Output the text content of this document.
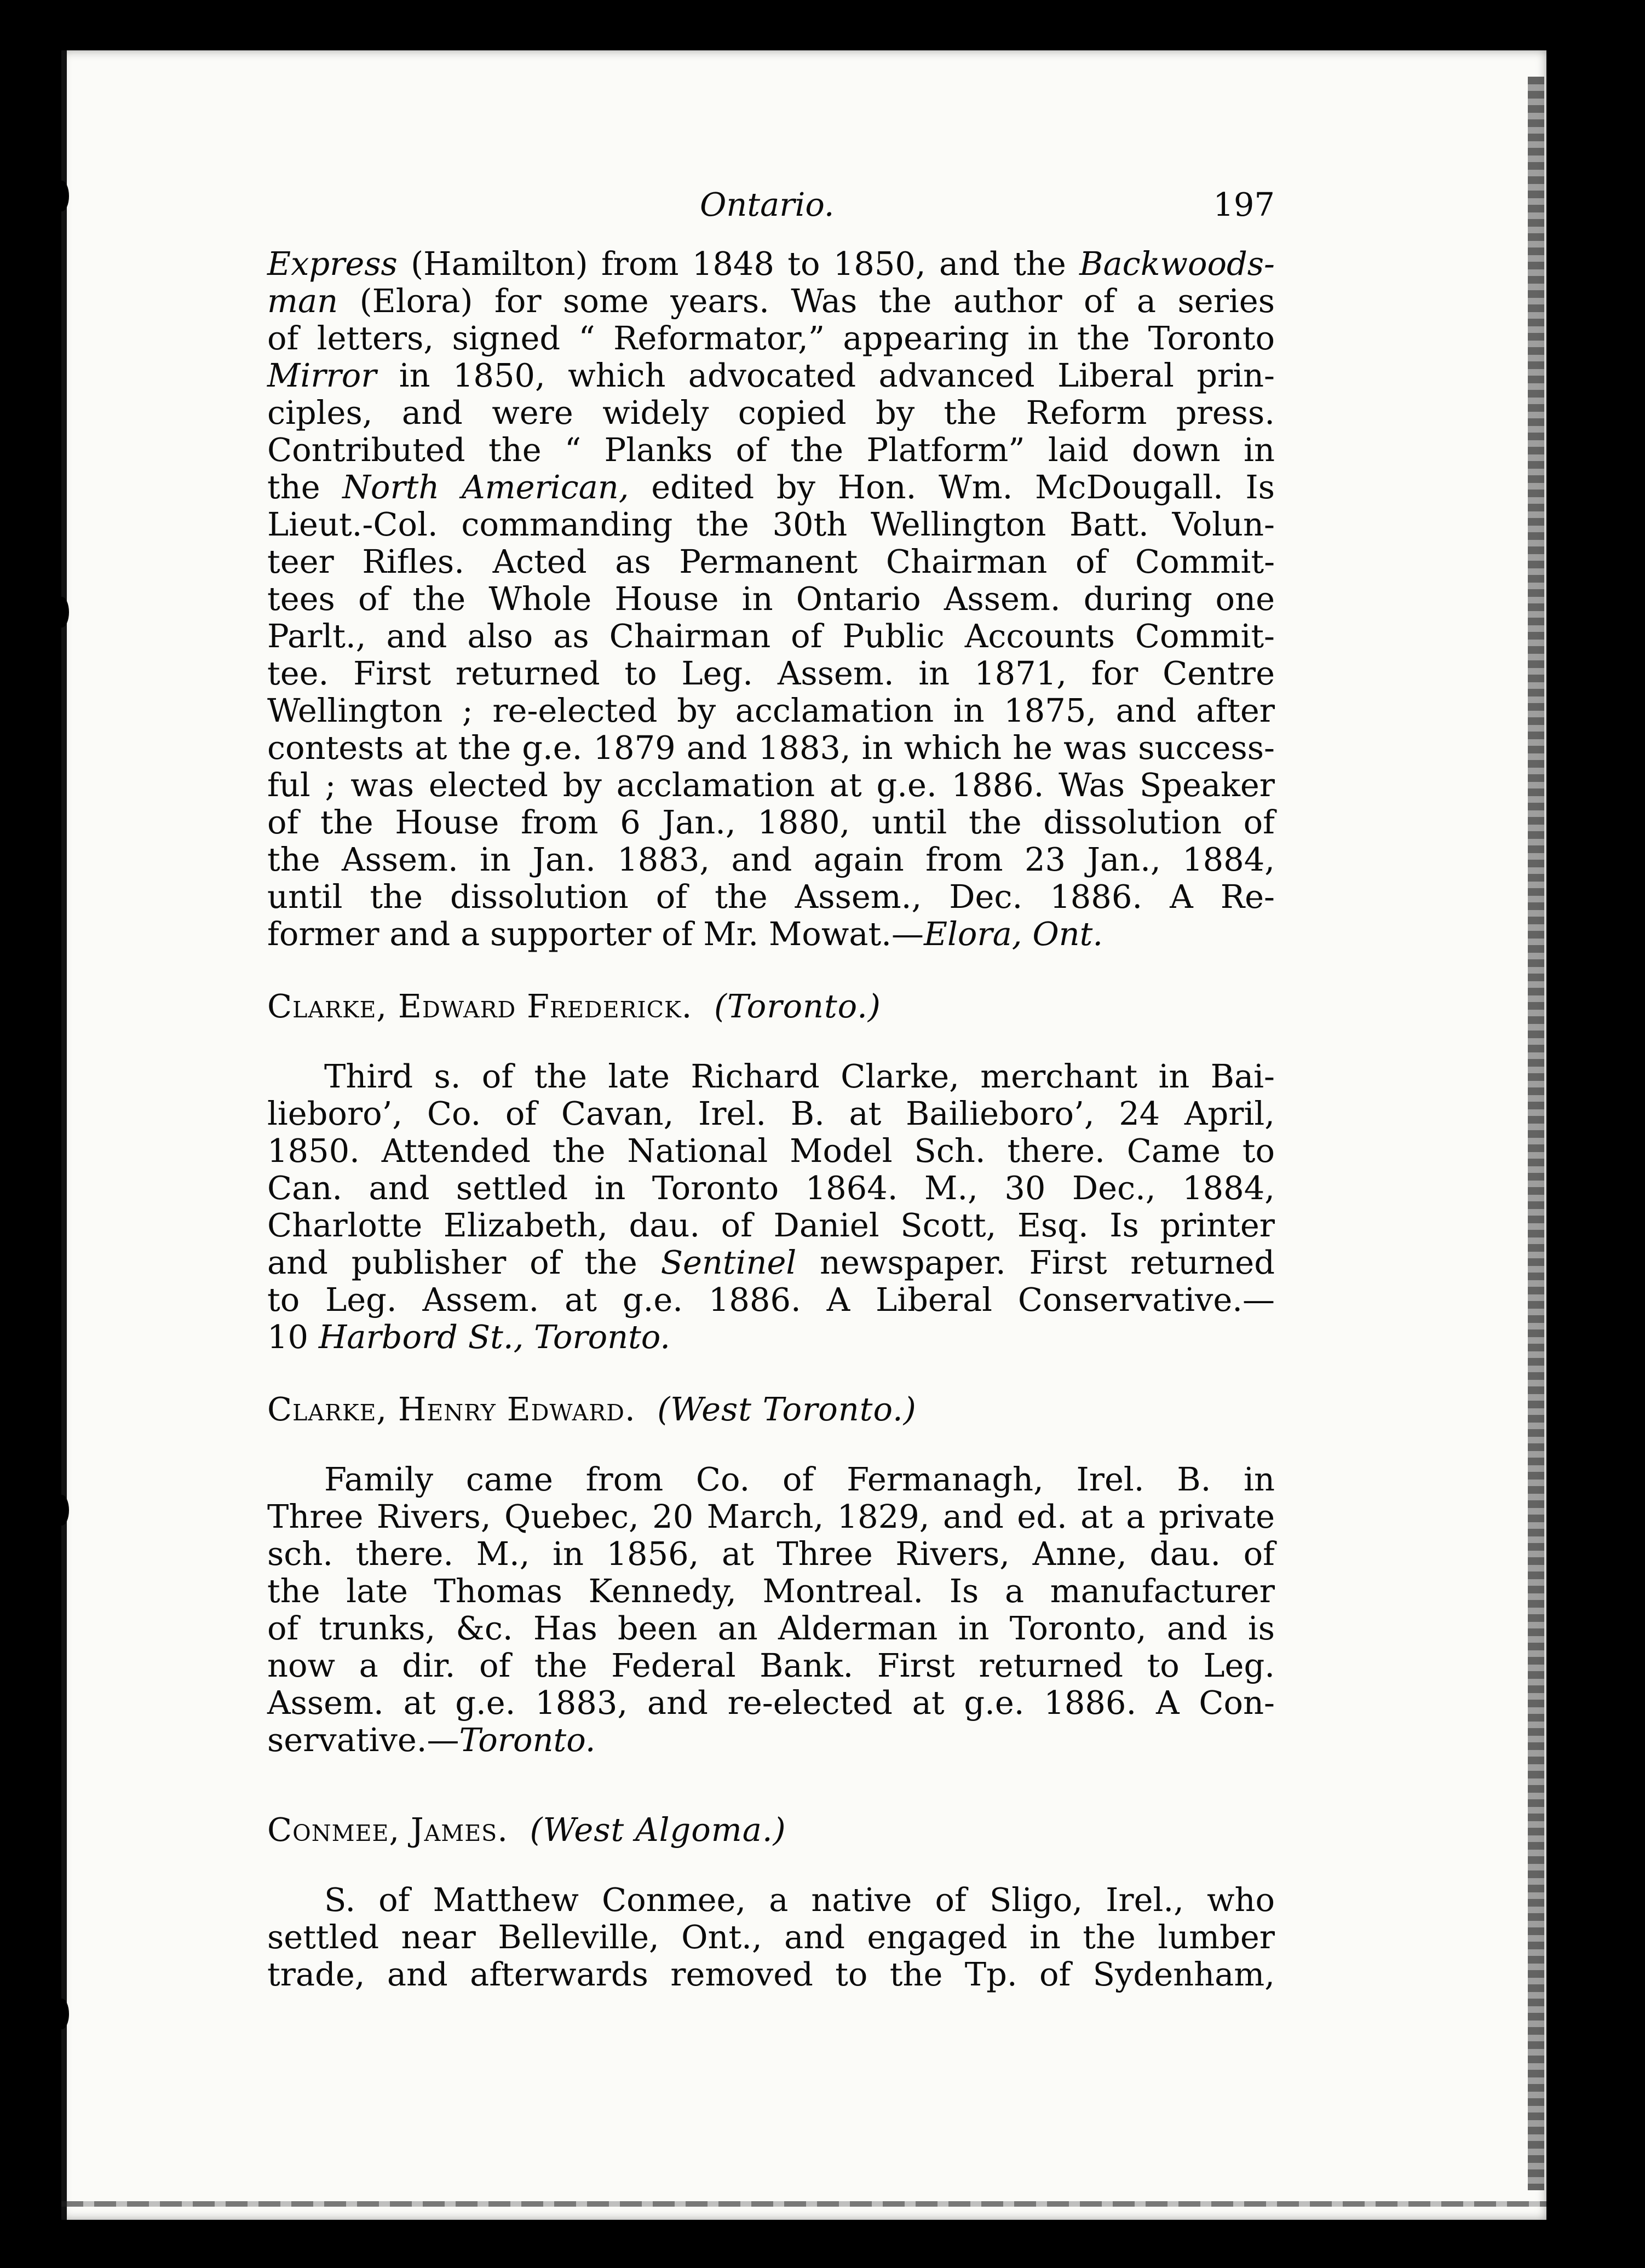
Ontario.	197
Express (Hamilton) from 1848 to 1850, and the Backwoods-
man (Elora) for some years. Was the author of a series
of letters, signed “ Reformator,” appearing in the Toronto
Mirror in 1850, which advocated advanced Liberal prin-
ciples, and were widely copied by the Reform press.
Contributed the “ Planks of the Platform” laid down in
the North American, edited by Hon. Wm. McDougall. Is
Lieut.-Col. commanding the 30th Wellington Batt. Volun-
teer Rifles. Acted as Permanent Chairman of Commit-
tees of the Whole House in Ontario Assem. during one
Parlt., and also as Chairman of Public Accounts Commit-
tee. First returned to Leg. Assem. in 1871, for Centre
Wellington ; re-elected by acclamation in 1875, and after
contests at the g.e. 1879 and 1883, in which he was success-
ful ; was elected by acclamation at g.e. 1886. Was Speaker
of the House from 6 Jan., 1880, until the dissolution of
the Assem. in Jan. 1883, and again from 23 Jan., 1884,
until the dissolution of the Assem., Dec. 1886. A Re-
former and a supporter of Mr. Mowat.—Elora, Ont.
Clarke, Edward Frederick. (Toronto.)
Third s. of the late Richard Clarke, merchant in Bai-
lieboro’, Co. of Cavan, Irel. B. at Bailieboro’, 24 April,
1850. Attended the National Model Sch. there. Came to
Can. and settled in Toronto 1864. M., 30 Dec., 1884,
Charlotte Elizabeth, dau. of Daniel Scott, Esq. Is printer
and publisher of the Sentinel newspaper. First returned
to Leg. Assem. at g.e. 1886. A Liberal Conservative.—
10 Harbord St., Toronto.
Clarke, Henry Edward. (West Toronto.)
Family came from Co. of Fermanagh, Irel. B. in
Three Rivers, Quebec, 20 March, 1829, and ed. at a private
sch. there. M., in 1856, at Three Rivers, Anne, dau. of
the late Thomas Kennedy, Montreal. Is a manufacturer
of trunks, &c. Has been an Alderman in Toronto, and is
now a dir. of the Federal Bank. First returned to Leg.
Assem. at g.e. 1883, and re-elected at g.e. 1886. A Con-
servative.—Toronto.
Conmee, James. (West Algoma.)
S. of Matthew Conmee, a native of Sligo, Irel., who
settled near Belleville, Ont., and engaged in the lumber
trade, and afterwards removed to the Tp. of Sydenham,
